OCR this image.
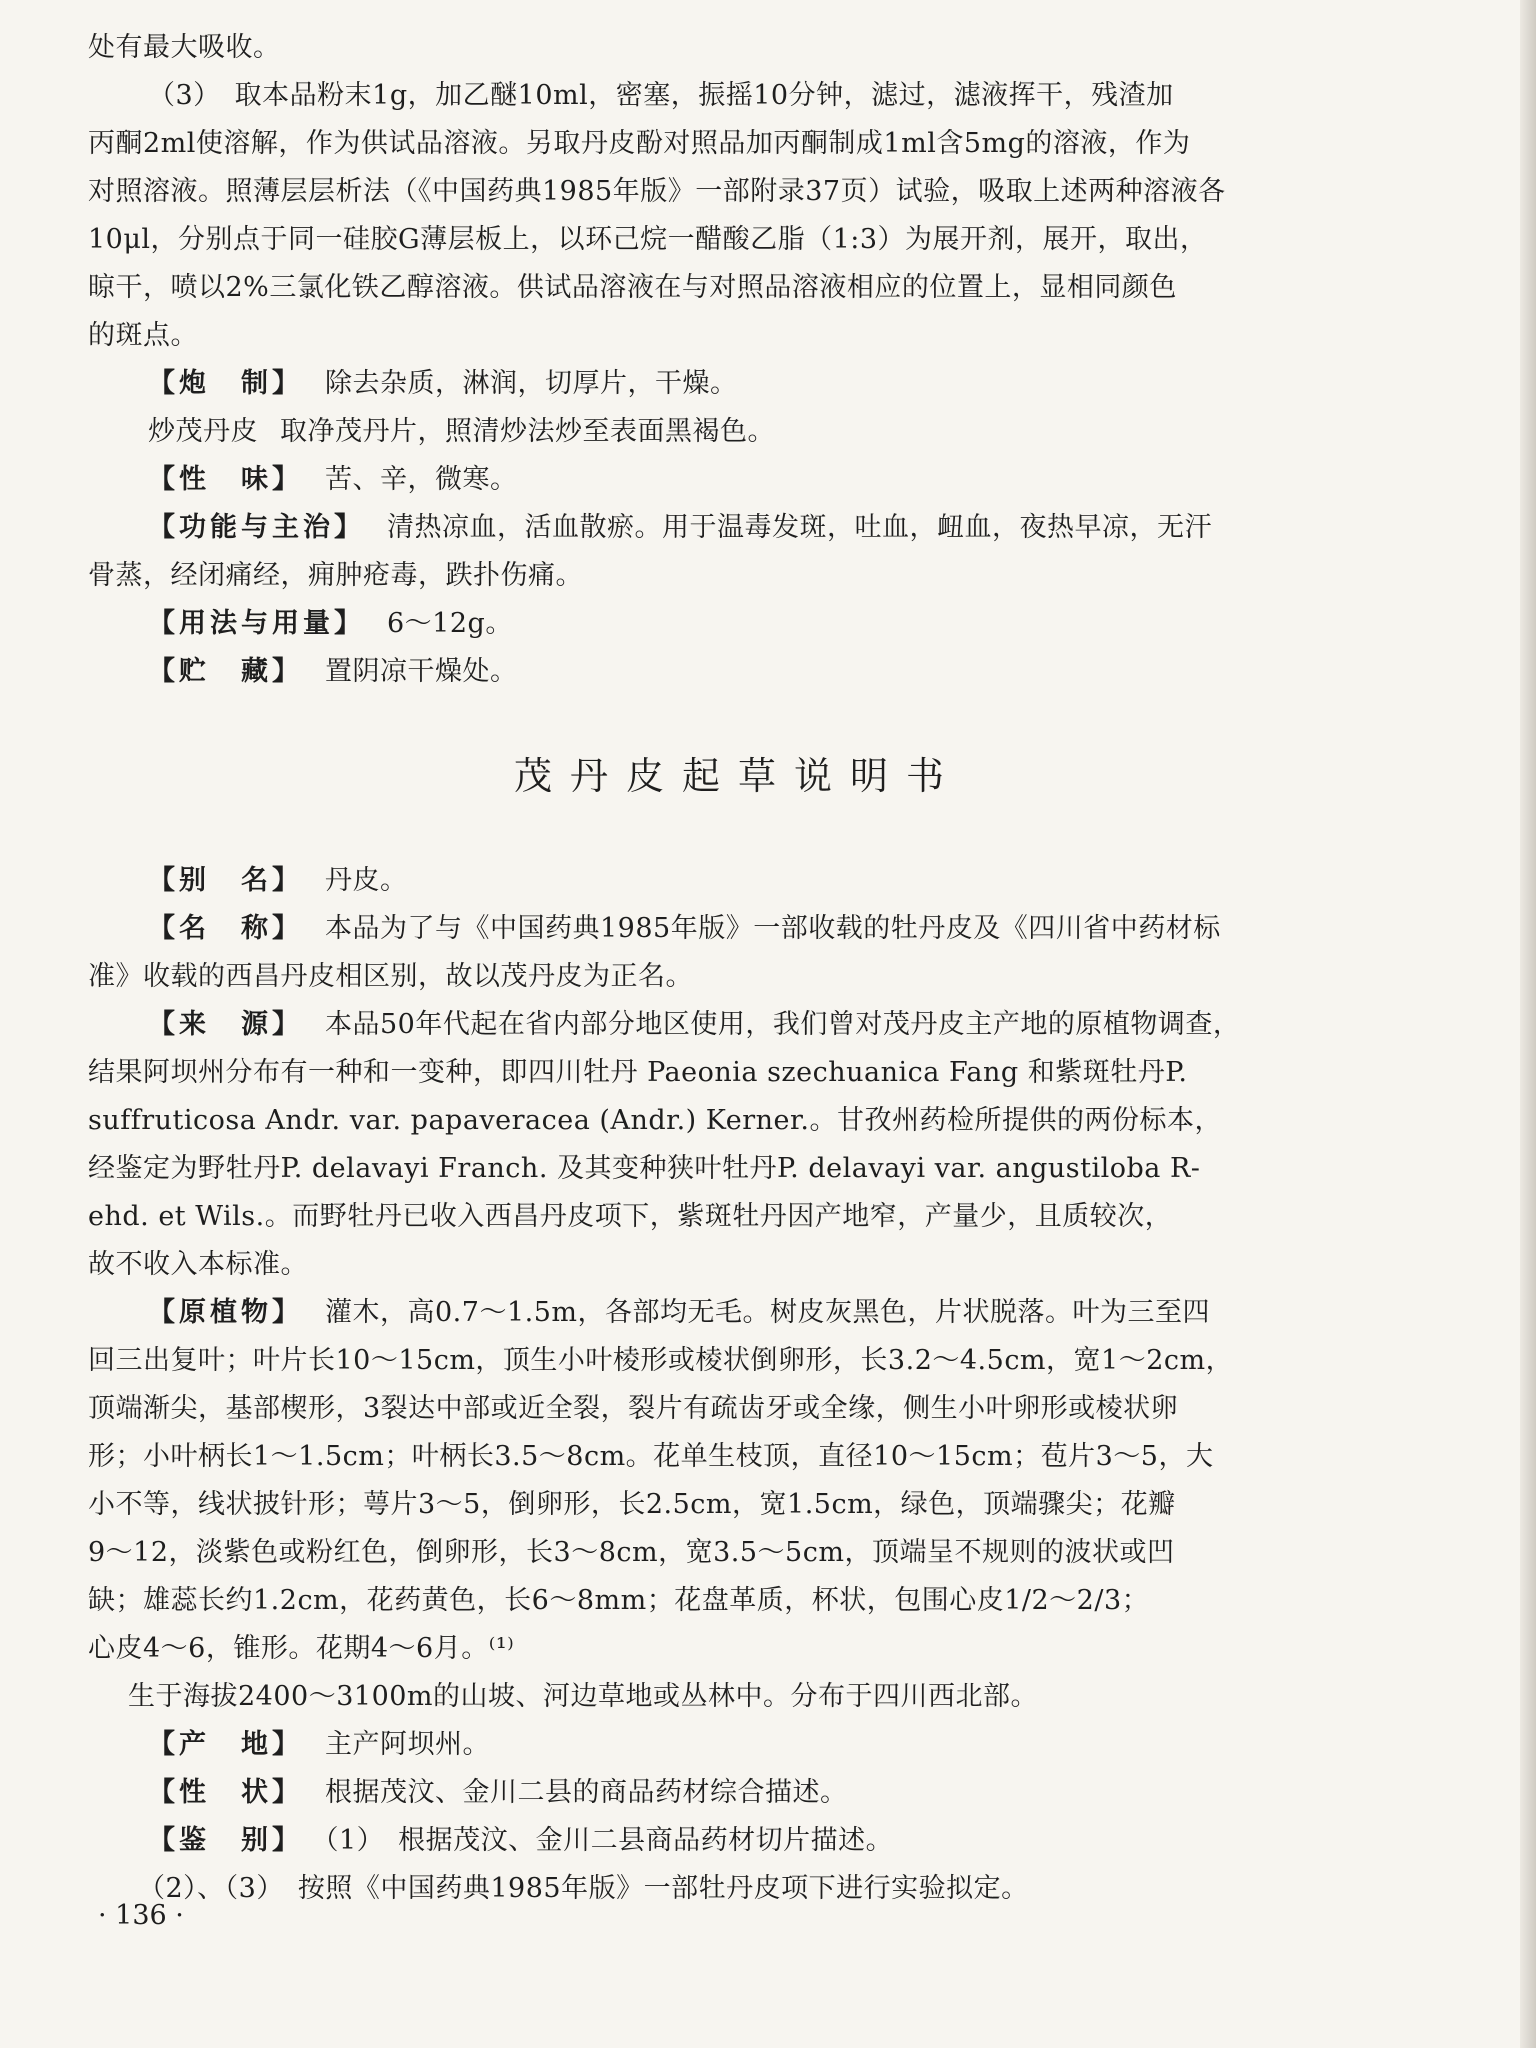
处有最大吸收。
（3）　取本品粉末1g，加乙醚10ml，密塞，振摇10分钟，滤过，滤液挥干，残渣加
丙酮2ml使溶解，作为供试品溶液。另取丹皮酚对照品加丙酮制成1ml含5mg的溶液，作为
对照溶液。照薄层层析法（《中国药典1985年版》一部附录37页）试验，吸取上述两种溶液各
10μl，分别点于同一硅胶G薄层板上，以环己烷一醋酸乙脂（1:3）为展开剂，展开，取出，
晾干，喷以2%三氯化铁乙醇溶液。供试品溶液在与对照品溶液相应的位置上，显相同颜色
的斑点。
【炮　制】 除去杂质，淋润，切厚片，干燥。
炒茂丹皮 取净茂丹片，照清炒法炒至表面黑褐色。
【性　味】 苦、辛，微寒。
【功能与主治】 清热凉血，活血散瘀。用于温毒发斑，吐血，衄血，夜热早凉，无汗
骨蒸，经闭痛经，痈肿疮毒，跌扑伤痛。
【用法与用量】 6～12g。
【贮　藏】 置阴凉干燥处。
茂丹皮起草说明书
【别　名】 丹皮。
【名　称】 本品为了与《中国药典1985年版》一部收载的牡丹皮及《四川省中药材标
准》收载的西昌丹皮相区别，故以茂丹皮为正名。
【来　源】 本品50年代起在省内部分地区使用，我们曾对茂丹皮主产地的原植物调查，
结果阿坝州分布有一种和一变种，即四川牡丹 Paeonia szechuanica Fang 和紫斑牡丹P.
suffruticosa Andr. var. papaveracea (Andr.) Kerner.。甘孜州药检所提供的两份标本，
经鉴定为野牡丹P. delavayi Franch. 及其变种狭叶牡丹P. delavayi var. angustiloba R-
ehd. et Wils.。而野牡丹已收入西昌丹皮项下，紫斑牡丹因产地窄，产量少，且质较次，
故不收入本标准。
【原植物】 灌木，高0.7～1.5m，各部均无毛。树皮灰黑色，片状脱落。叶为三至四
回三出复叶；叶片长10～15cm，顶生小叶棱形或棱状倒卵形，长3.2～4.5cm，宽1～2cm，
顶端渐尖，基部楔形，3裂达中部或近全裂，裂片有疏齿牙或全缘，侧生小叶卵形或棱状卵
形；小叶柄长1～1.5cm；叶柄长3.5～8cm。花单生枝顶，直径10～15cm；苞片3～5，大
小不等，线状披针形；萼片3～5，倒卵形，长2.5cm，宽1.5cm，绿色，顶端骤尖；花瓣
9～12，淡紫色或粉红色，倒卵形，长3～8cm，宽3.5～5cm，顶端呈不规则的波状或凹
缺；雄蕊长约1.2cm，花药黄色，长6～8mm；花盘革质，杯状，包围心皮1/2～2/3；
心皮4～6，锥形。花期4～6月。⁽¹⁾
生于海拔2400～3100m的山坡、河边草地或丛林中。分布于四川西北部。
【产　地】 主产阿坝州。
【性　状】 根据茂汶、金川二县的商品药材综合描述。
【鉴　别】 （1）　根据茂汶、金川二县商品药材切片描述。
（2）、（3）　按照《中国药典1985年版》一部牡丹皮项下进行实验拟定。
· 136 ·
